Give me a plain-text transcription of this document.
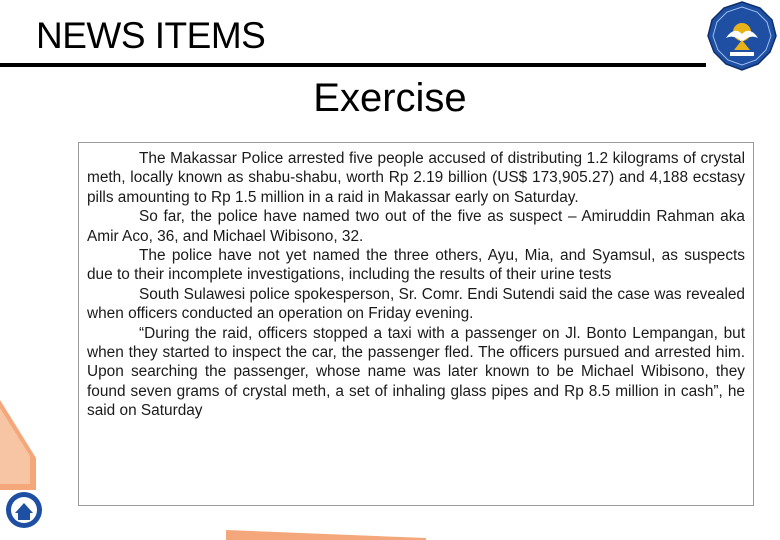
NEWS ITEMS
Exercise

The Makassar Police arrested five people accused of distributing 1.2 kilograms of crystal meth, locally known as shabu-shabu, worth Rp 2.19 billion (US$ 173,905.27) and 4,188 ecstasy pills amounting to Rp 1.5 million in a raid in Makassar early on Saturday.

So far, the police have named two out of the five as suspect – Amiruddin Rahman aka Amir Aco, 36, and Michael Wibisono, 32.

The police have not yet named the three others, Ayu, Mia, and Syamsul, as suspects due to their incomplete investigations, including the results of their urine tests

South Sulawesi police spokesperson, Sr. Comr. Endi Sutendi said the case was revealed when officers conducted an operation on Friday evening.

“During the raid, officers stopped a taxi with a passenger on Jl. Bonto Lempangan, but when they started to inspect the car, the passenger fled. The officers pursued and arrested him. Upon searching the passenger, whose name was later known to be Michael Wibisono, they found seven grams of crystal meth, a set of inhaling glass pipes and Rp 8.5 million in cash”, he said on Saturday
